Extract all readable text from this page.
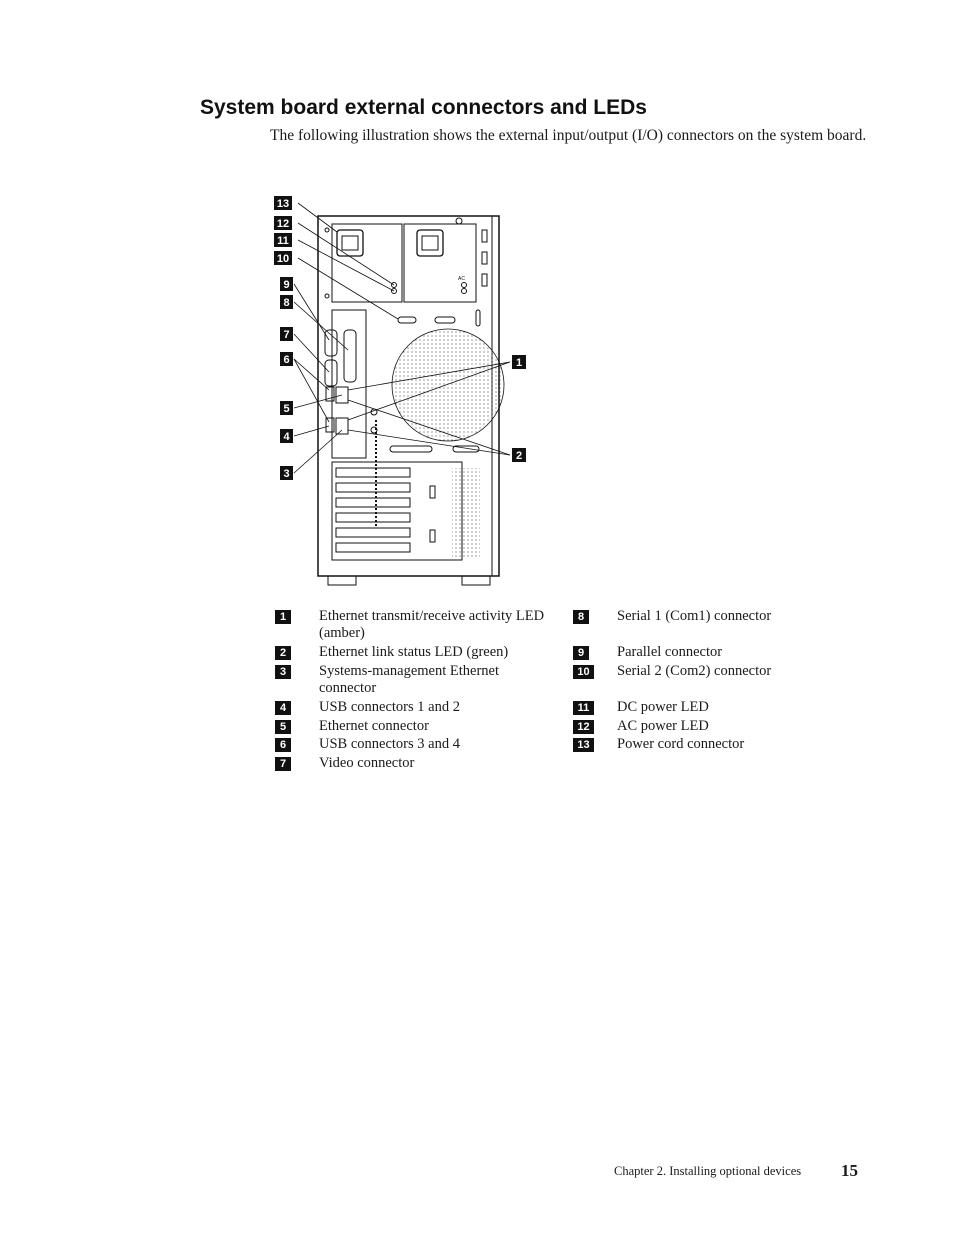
System board external connectors and LEDs

The following illustration shows the external input/output (I/O) connectors on the system board.

AC
13
12
11
10
9
8
7
6
5
4
3
1
2
1	Ethernet transmit/receive activity LED (amber)
2	Ethernet link status LED (green)
3	Systems-management Ethernet connector
4	USB connectors 1 and 2
5	Ethernet connector
6	USB connectors 3 and 4
7	Video connector
8	Serial 1 (Com1) connector
9	Parallel connector
10	Serial 2 (Com2) connector
11	DC power LED
12	AC power LED
13	Power cord connector
Chapter 2. Installing optional devices 15
